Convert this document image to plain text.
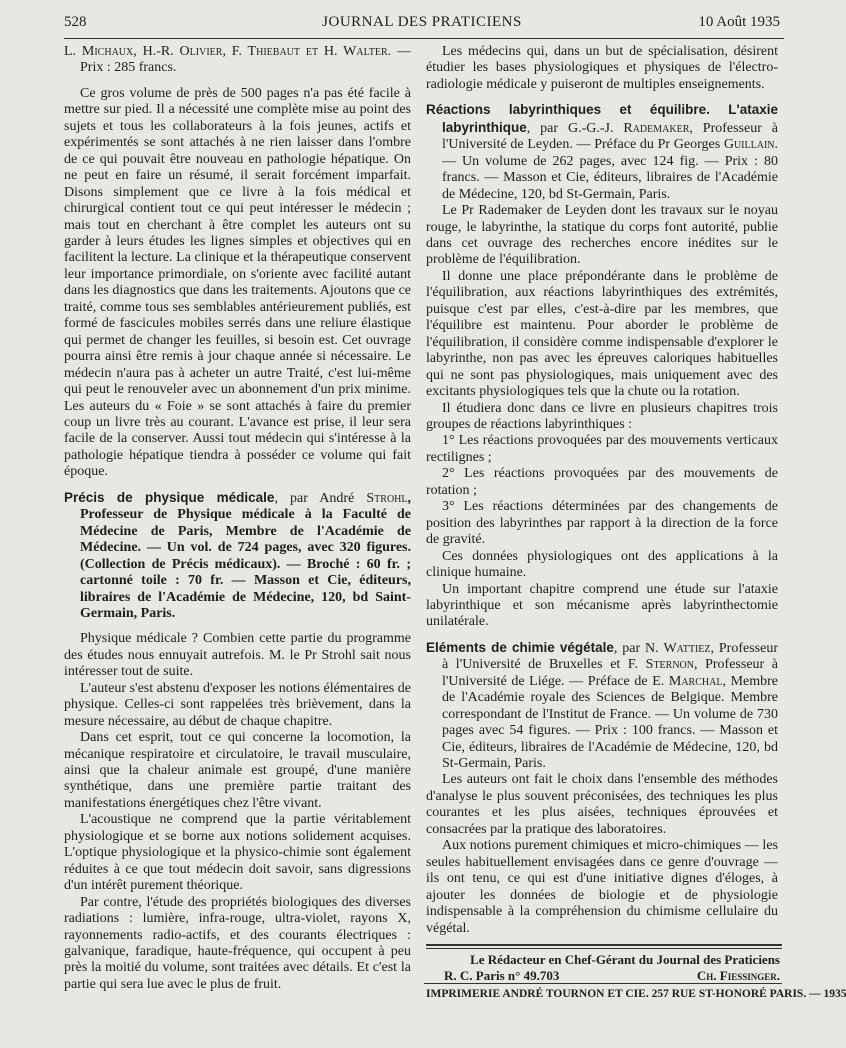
528	JOURNAL DES PRATICIENS	10 Août 1935

L. Michaux, H.-R. Olivier, F. Thiebaut et H. Walter. — Prix : 285 francs.

Ce gros volume de près de 500 pages n'a pas été facile à mettre sur pied. Il a nécessité une complète mise au point des sujets et tous les collaborateurs à la fois jeunes, actifs et expérimentés se sont attachés à ne rien laisser dans l'ombre de ce qui pouvait être nouveau en pathologie hépatique. On ne peut en faire un résumé, il serait forcément imparfait. Disons simplement que ce livre à la fois médical et chirurgical contient tout ce qui peut intéresser le médecin ; mais tout en cherchant à être complet les auteurs ont su garder à leurs études les lignes simples et objectives qui en facilitent la lecture. La clinique et la thérapeutique conservent leur importance primordiale, on s'oriente avec facilité autant dans les diagnostics que dans les traitements. Ajoutons que ce traité, comme tous ses semblables antérieurement publiés, est formé de fascicules mobiles serrés dans une reliure élastique qui permet de changer les feuilles, si besoin est. Cet ouvrage pourra ainsi être remis à jour chaque année si nécessaire. Le médecin n'aura pas à acheter un autre Traité, c'est lui-même qui peut le renouveler avec un abonnement d'un prix minime. Les auteurs du « Foie » se sont attachés à faire du premier coup un livre très au courant. L'avance est prise, il leur sera facile de la conserver. Aussi tout médecin qui s'intéresse à la pathologie hépatique tiendra à posséder ce volume qui fait époque.

Précis de physique médicale, par André Strohl, Professeur de Physique médicale à la Faculté de Médecine de Paris, Membre de l'Académie de Médecine. — Un vol. de 724 pages, avec 320 figures. (Collection de Précis médicaux). — Broché : 60 fr. ; cartonné toile : 70 fr. — Masson et Cie, éditeurs, libraires de l'Académie de Médecine, 120, bd Saint-Germain, Paris.

Physique médicale ? Combien cette partie du programme des études nous ennuyait autrefois. M. le Pr Strohl sait nous intéresser tout de suite.

L'auteur s'est abstenu d'exposer les notions élémentaires de physique. Celles-ci sont rappelées très brièvement, dans la mesure nécessaire, au début de chaque chapitre.

Dans cet esprit, tout ce qui concerne la locomotion, la mécanique respiratoire et circulatoire, le travail musculaire, ainsi que la chaleur animale est groupé, d'une manière synthétique, dans une première partie traitant des manifestations énergétiques chez l'être vivant.

L'acoustique ne comprend que la partie véritablement physiologique et se borne aux notions solidement acquises. L'optique physiologique et la physico-chimie sont également réduites à ce que tout médecin doit savoir, sans digressions d'un intérêt purement théorique.

Par contre, l'étude des propriétés biologiques des diverses radiations : lumière, infra-rouge, ultra-violet, rayons X, rayonnements radio-actifs, et des courants électriques : galvanique, faradique, haute-fréquence, qui occupent à peu près la moitié du volume, sont traitées avec détails. Et c'est la partie qui sera lue avec le plus de fruit.

Les médecins qui, dans un but de spécialisation, désirent étudier les bases physiologiques et physiques de l'électro-radiologie médicale y puiseront de multiples enseignements.

Réactions labyrinthiques et équilibre. L'ataxie labyrinthique, par G.-G.-J. Rademaker, Professeur à l'Université de Leyden. — Préface du Pr Georges Guillain. — Un volume de 262 pages, avec 124 fig. — Prix : 80 francs. — Masson et Cie, éditeurs, libraires de l'Académie de Médecine, 120, bd St-Germain, Paris.

Le Pr Rademaker de Leyden dont les travaux sur le noyau rouge, le labyrinthe, la statique du corps font autorité, publie dans cet ouvrage des recherches encore inédites sur le problème de l'équilibration.

Il donne une place prépondérante dans le problème de l'équilibration, aux réactions labyrinthiques des extrémités, puisque c'est par elles, c'est-à-dire par les membres, que l'équilibre est maintenu. Pour aborder le problème de l'équilibration, il considère comme indispensable d'explorer le labyrinthe, non pas avec les épreuves caloriques habituelles qui ne sont pas physiologiques, mais uniquement avec des excitants physiologiques tels que la chute ou la rotation.

Il étudiera donc dans ce livre en plusieurs chapitres trois groupes de réactions labyrinthiques :

1° Les réactions provoquées par des mouvements verticaux rectilignes ;

2° Les réactions provoquées par des mouvements de rotation ;

3° Les réactions déterminées par des changements de position des labyrinthes par rapport à la direction de la force de gravité.

Ces données physiologiques ont des applications à la clinique humaine.

Un important chapitre comprend une étude sur l'ataxie labyrinthique et son mécanisme après labyrinthectomie unilatérale.

Eléments de chimie végétale, par N. Wattiez, Professeur à l'Université de Bruxelles et F. Sternon, Professeur à l'Université de Liége. — Préface de E. Marchal, Membre de l'Académie royale des Sciences de Belgique. Membre correspondant de l'Institut de France. — Un volume de 730 pages avec 54 figures. — Prix : 100 francs. — Masson et Cie, éditeurs, libraires de l'Académie de Médecine, 120, bd St-Germain, Paris.

Les auteurs ont fait le choix dans l'ensemble des méthodes d'analyse le plus souvent préconisées, des techniques les plus courantes et les plus aisées, techniques éprouvées et consacrées par la pratique des laboratoires.

Aux notions purement chimiques et micro-chimiques — les seules habituellement envisagées dans ce genre d'ouvrage — ils ont tenu, ce qui est d'une initiative dignes d'éloges, à ajouter les données de biologie et de physiologie indispensable à la compréhension du chimisme cellulaire du végétal.

Le Rédacteur en Chef-Gérant du Journal des Praticiens
R. C. Paris n° 49.703	Ch. Fiessinger.
IMPRIMERIE ANDRÉ TOURNON ET CIE. 257 RUE ST-HONORÉ PARIS. — 1935
